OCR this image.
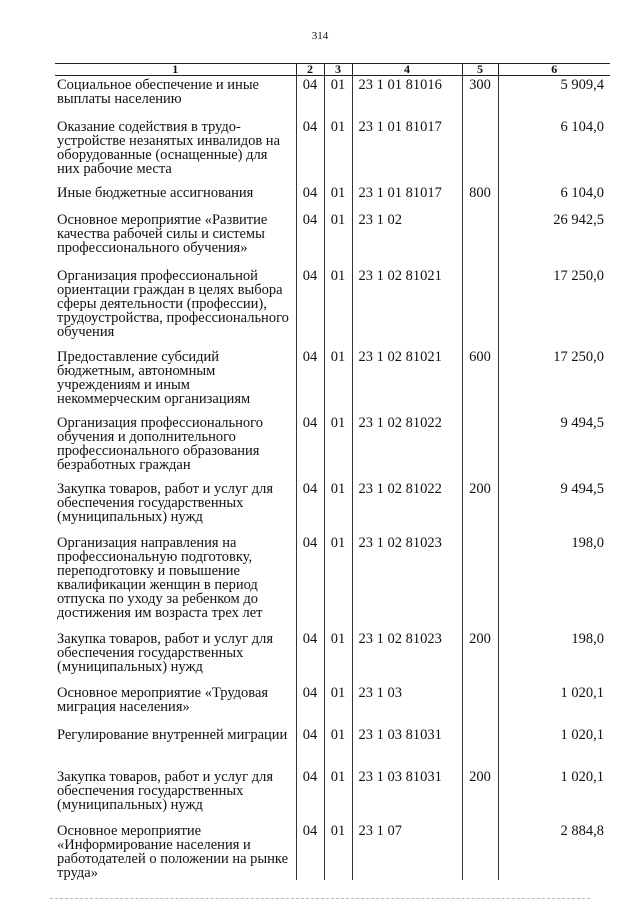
314
1	2	3	4	5	6
Социальное обеспечение и иные выплаты населению	04	01	23 1 01 81016	300	5 909,4
Оказание содействия в трудо-устройстве незанятых инвалидов на оборудованные (оснащенные) для них рабочие места	04	01	23 1 01 81017		6 104,0
Иные бюджетные ассигнования	04	01	23 1 01 81017	800	6 104,0
Основное мероприятие «Развитие качества рабочей силы и системы профессионального обучения»	04	01	23 1 02		26 942,5
Организация профессиональной ориентации граждан в целях выбора сферы деятельности (профессии), трудоустройства, профессионального обучения	04	01	23 1 02 81021		17 250,0
Предоставление субсидий бюджетным, автономным учреждениям и иным некоммерческим организациям	04	01	23 1 02 81021	600	17 250,0
Организация профессионального обучения и дополнительного профессионального образования безработных граждан	04	01	23 1 02 81022		9 494,5
Закупка товаров, работ и услуг для обеспечения государственных (муниципальных) нужд	04	01	23 1 02 81022	200	9 494,5
Организация направления на профессиональную подготовку, переподготовку и повышение квалификации женщин в период отпуска по уходу за ребенком до достижения им возраста трех лет	04	01	23 1 02 81023		198,0
Закупка товаров, работ и услуг для обеспечения государственных (муниципальных) нужд	04	01	23 1 02 81023	200	198,0
Основное мероприятие «Трудовая миграция населения»	04	01	23 1 03		1 020,1
Регулирование внутренней миграции	04	01	23 1 03 81031		1 020,1
Закупка товаров, работ и услуг для обеспечения государственных (муниципальных) нужд	04	01	23 1 03 81031	200	1 020,1
Основное мероприятие «Информирование населения и работодателей о положении на рынке труда»	04	01	23 1 07		2 884,8
